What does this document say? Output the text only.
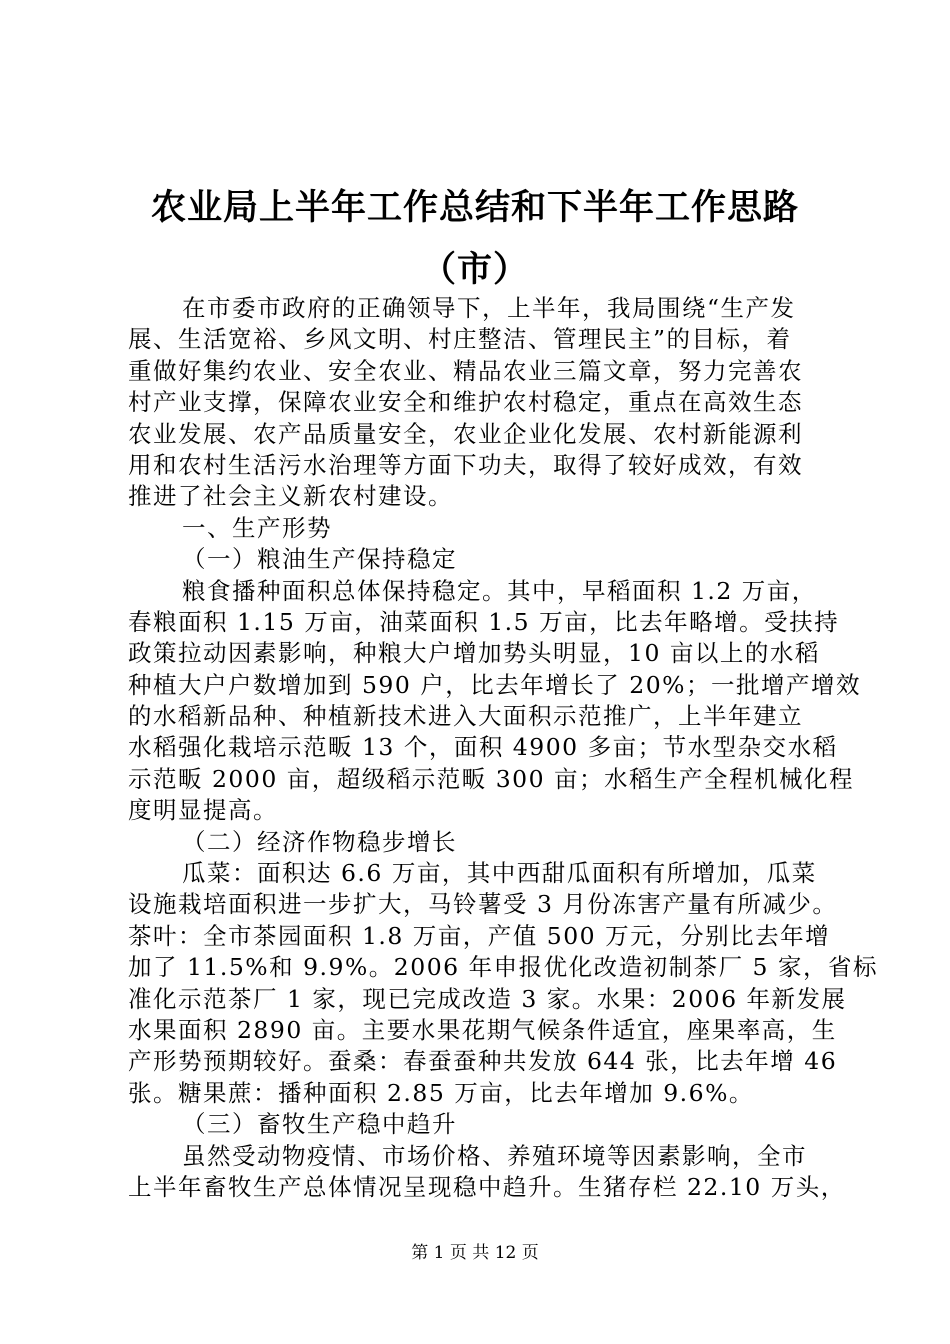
农业局上半年工作总结和下半年工作思路
（市）
在市委市政府的正确领导下，上半年，我局围绕“生产发
展、生活宽裕、乡风文明、村庄整洁、管理民主”的目标，着
重做好集约农业、安全农业、精品农业三篇文章，努力完善农
村产业支撑，保障农业安全和维护农村稳定，重点在高效生态
农业发展、农产品质量安全，农业企业化发展、农村新能源利
用和农村生活污水治理等方面下功夫，取得了较好成效，有效
推进了社会主义新农村建设。
一、生产形势
（一）粮油生产保持稳定
粮食播种面积总体保持稳定。其中，早稻面积 1.2 万亩，
春粮面积 1.15 万亩，油菜面积 1.5 万亩，比去年略增。受扶持
政策拉动因素影响，种粮大户增加势头明显，10 亩以上的水稻
种植大户户数增加到 590 户，比去年增长了 20%；一批增产增效
的水稻新品种、种植新技术进入大面积示范推广，上半年建立
水稻强化栽培示范畈 13 个，面积 4900 多亩；节水型杂交水稻
示范畈 2000 亩，超级稻示范畈 300 亩；水稻生产全程机械化程
度明显提高。
（二）经济作物稳步增长
瓜菜：面积达 6.6 万亩，其中西甜瓜面积有所增加，瓜菜
设施栽培面积进一步扩大，马铃薯受 3 月份冻害产量有所减少。
茶叶：全市茶园面积 1.8 万亩，产值 500 万元，分别比去年增
加了 11.5%和 9.9%。2006 年申报优化改造初制茶厂 5 家，省标
准化示范茶厂 1 家，现已完成改造 3 家。水果：2006 年新发展
水果面积 2890 亩。主要水果花期气候条件适宜，座果率高，生
产形势预期较好。蚕桑：春蚕蚕种共发放 644 张，比去年增 46
张。糖果蔗：播种面积 2.85 万亩，比去年增加 9.6%。
（三）畜牧生产稳中趋升
虽然受动物疫情、市场价格、养殖环境等因素影响，全市
上半年畜牧生产总体情况呈现稳中趋升。生猪存栏 22.10 万头，
第 1 页 共 12 页
